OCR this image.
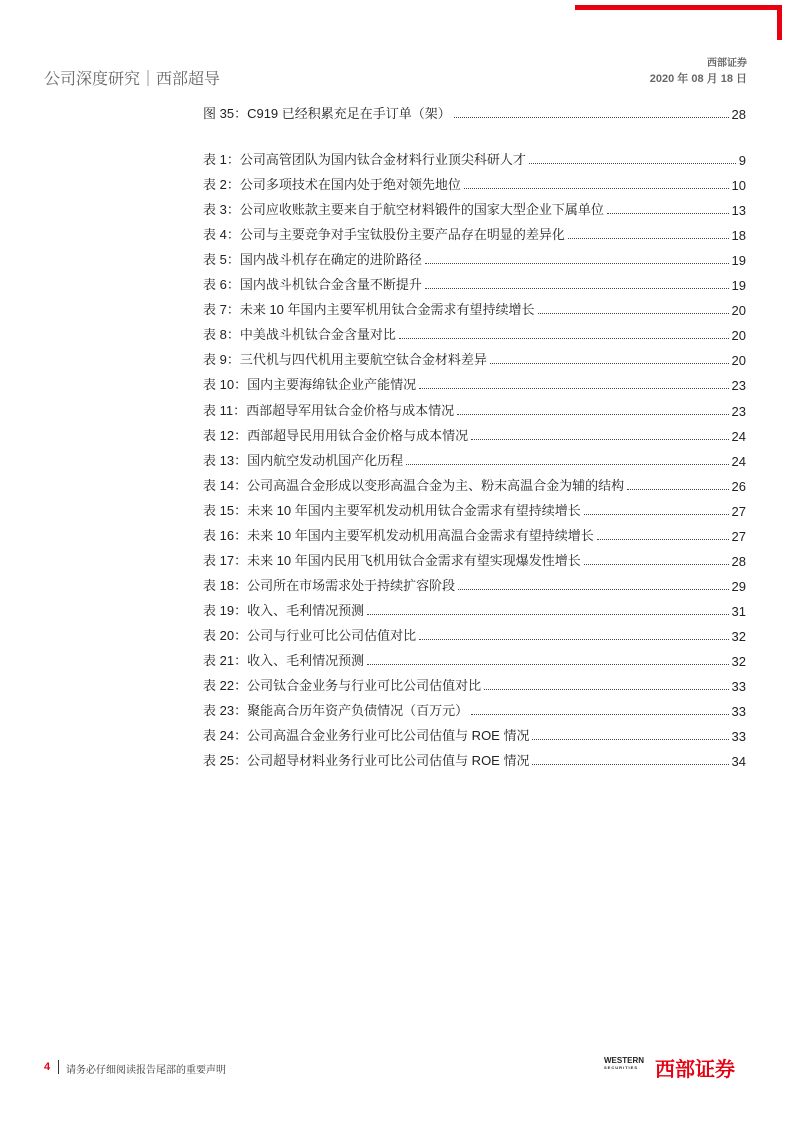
公司深度研究｜西部超导
西部证券
2020 年 08 月 18 日
图 35：C919 已经积累充足在手订单（架）	28
表 1：公司高管团队为国内钛合金材料行业顶尖科研人才	9
表 2：公司多项技术在国内处于绝对领先地位	10
表 3：公司应收账款主要来自于航空材料锻件的国家大型企业下属单位	13
表 4：公司与主要竞争对手宝钛股份主要产品存在明显的差异化	18
表 5：国内战斗机存在确定的进阶路径	19
表 6：国内战斗机钛合金含量不断提升	19
表 7：未来 10 年国内主要军机用钛合金需求有望持续增长	20
表 8：中美战斗机钛合金含量对比	20
表 9：三代机与四代机用主要航空钛合金材料差异	20
表 10：国内主要海绵钛企业产能情况	23
表 11：西部超导军用钛合金价格与成本情况	23
表 12：西部超导民用用钛合金价格与成本情况	24
表 13：国内航空发动机国产化历程	24
表 14：公司高温合金形成以变形高温合金为主、粉末高温合金为辅的结构	26
表 15：未来 10 年国内主要军机发动机用钛合金需求有望持续增长	27
表 16：未来 10 年国内主要军机发动机用高温合金需求有望持续增长	27
表 17：未来 10 年国内民用飞机用钛合金需求有望实现爆发性增长	28
表 18：公司所在市场需求处于持续扩容阶段	29
表 19：收入、毛利情况预测	31
表 20：公司与行业可比公司估值对比	32
表 21：收入、毛利情况预测	32
表 22：公司钛合金业务与行业可比公司估值对比	33
表 23：聚能高合历年资产负债情况（百万元）	33
表 24：公司高温合金业务行业可比公司估值与 ROE 情况	33
表 25：公司超导材料业务行业可比公司估值与 ROE 情况	34
4 请务必仔细阅读报告尾部的重要声明
WESTERN
SECURITIES 西部证券
